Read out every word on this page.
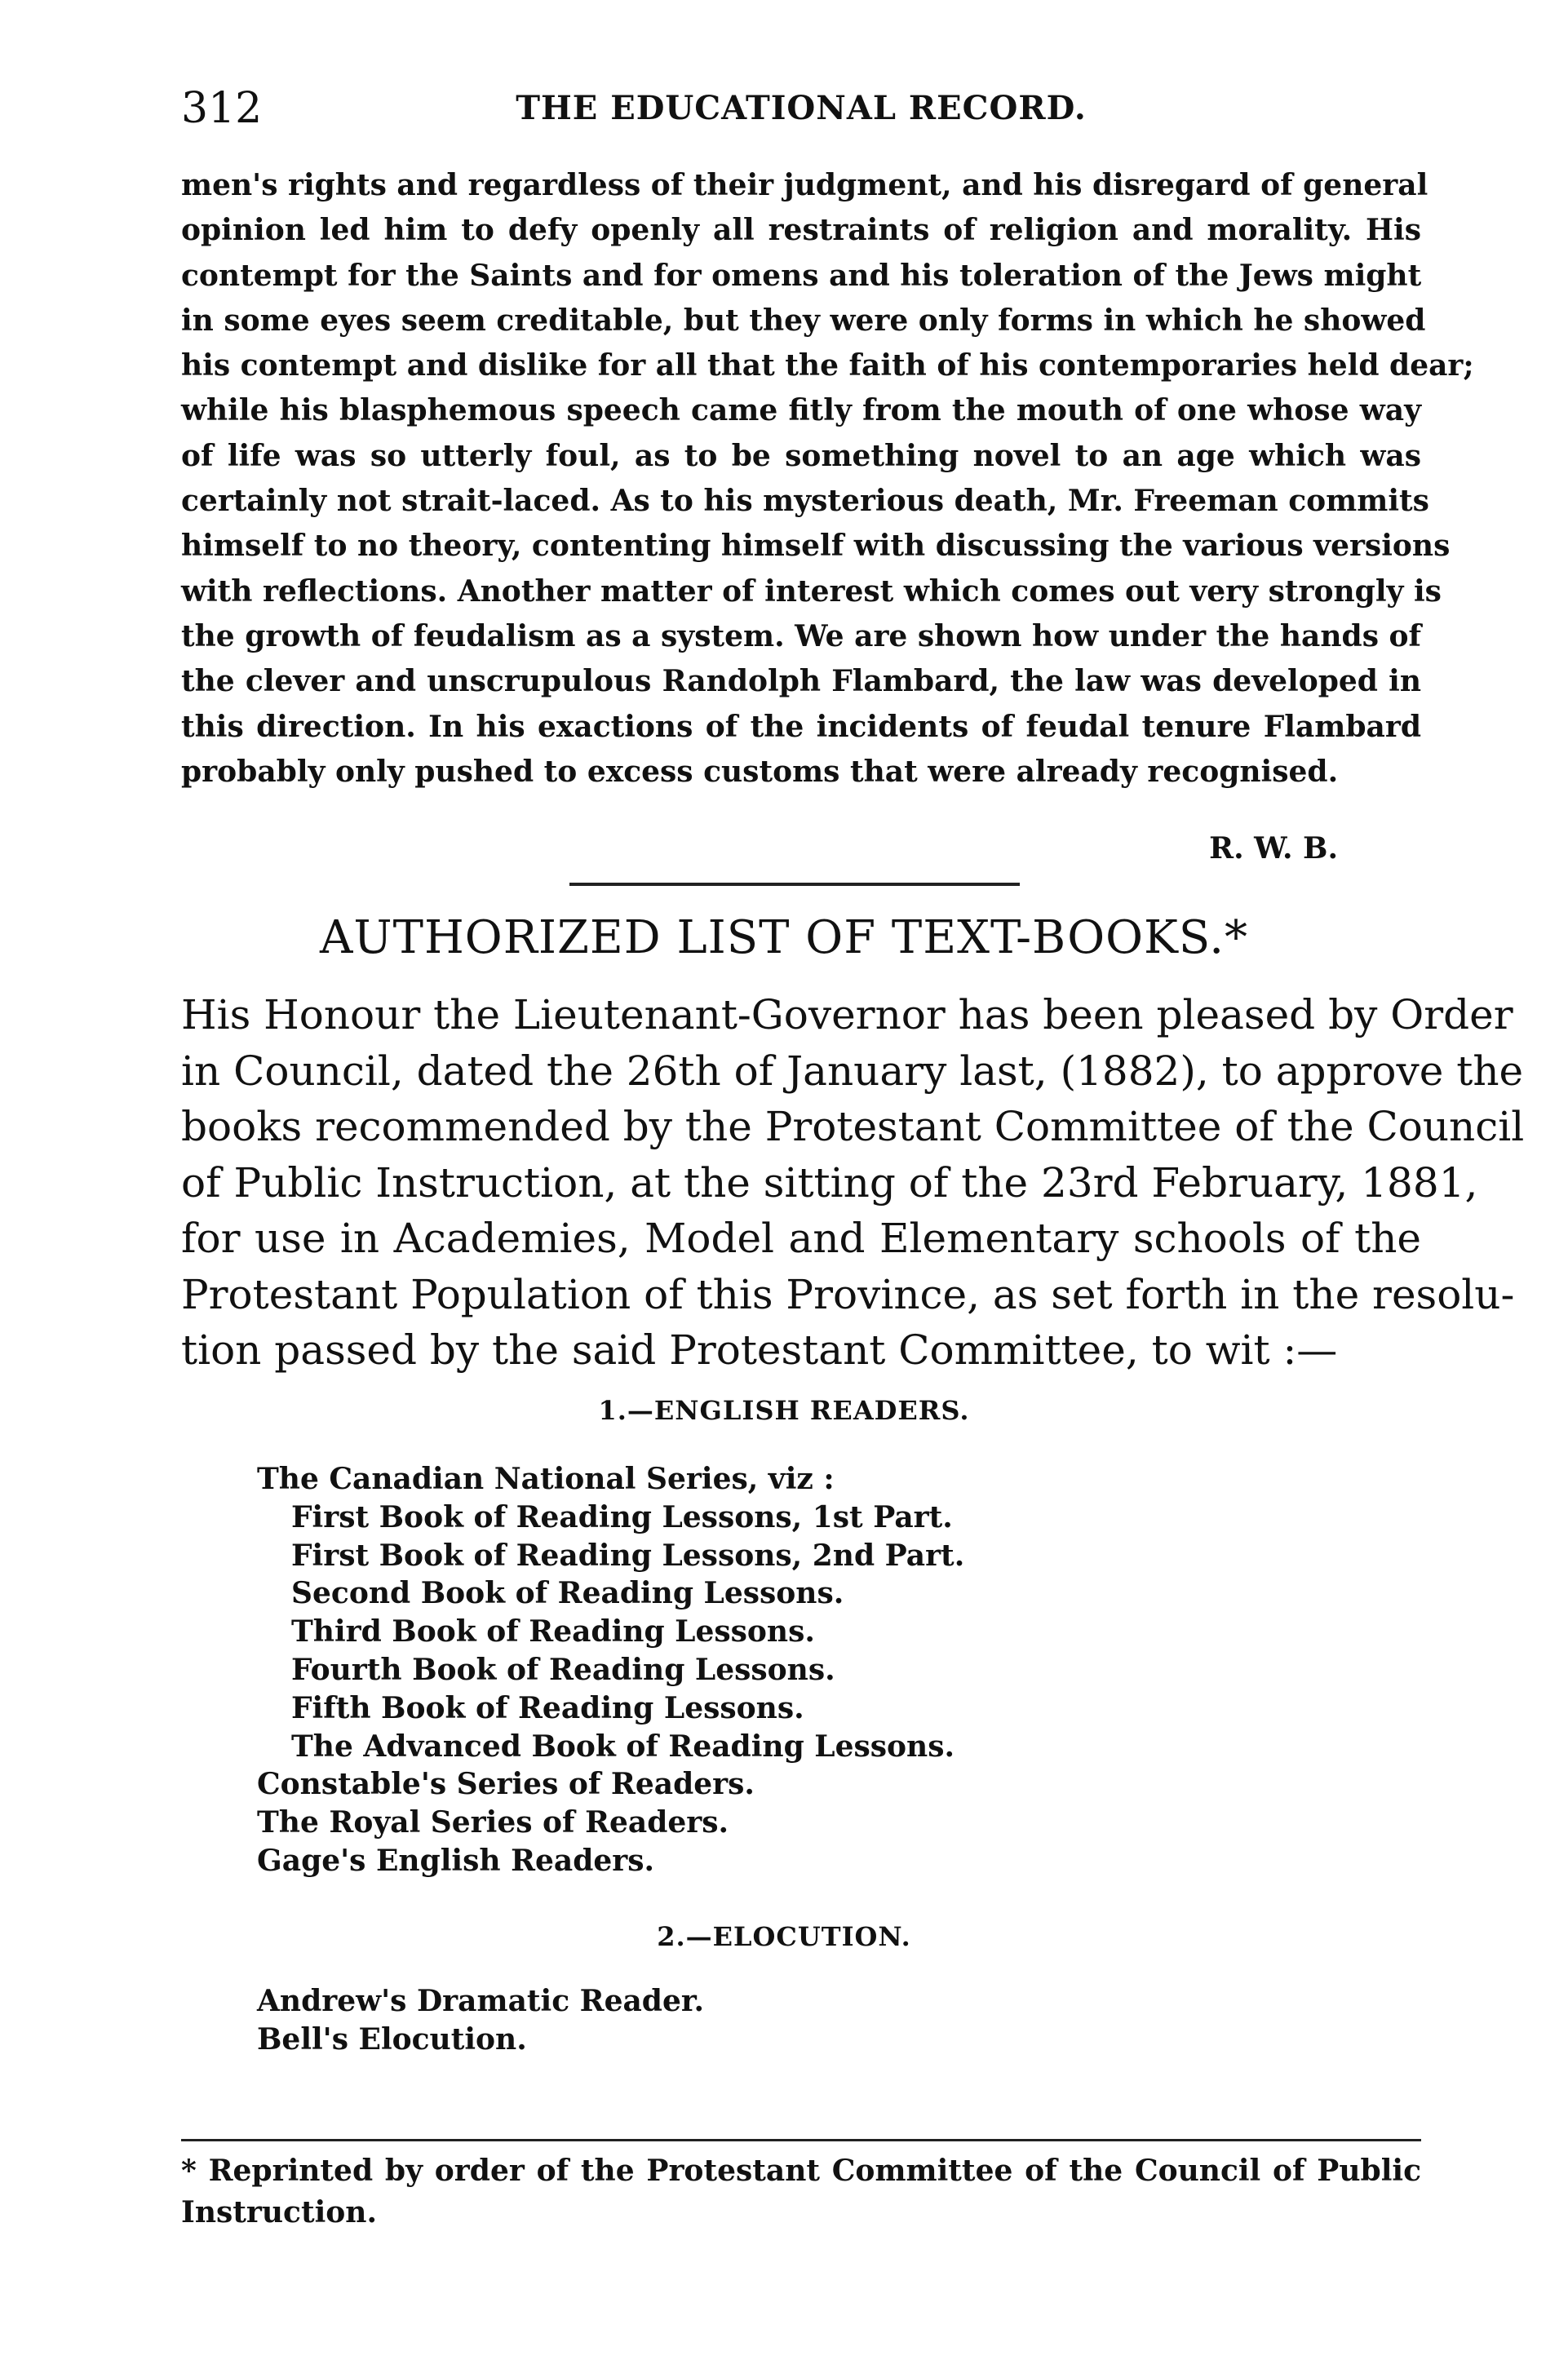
312	THE EDUCATIONAL RECORD.
men's rights and regardless of their judgment, and his disregard of general
opinion led him to defy openly all restraints of religion and morality. His
contempt for the Saints and for omens and his toleration of the Jews might
in some eyes seem creditable, but they were only forms in which he showed
his contempt and dislike for all that the faith of his contemporaries held dear;
while his blasphemous speech came fitly from the mouth of one whose way
of life was so utterly foul, as to be something novel to an age which was
certainly not strait-laced. As to his mysterious death, Mr. Freeman commits
himself to no theory, contenting himself with discussing the various versions
with reflections. Another matter of interest which comes out very strongly is
the growth of feudalism as a system. We are shown how under the hands of
the clever and unscrupulous Randolph Flambard, the law was developed in
this direction. In his exactions of the incidents of feudal tenure Flambard
probably only pushed to excess customs that were already recognised.
R. W. B.
AUTHORIZED LIST OF TEXT-BOOKS.*
His Honour the Lieutenant-Governor has been pleased by Order
in Council, dated the 26th of January last, (1882), to approve the
books recommended by the Protestant Committee of the Council
of Public Instruction, at the sitting of the 23rd February, 1881,
for use in Academies, Model and Elementary schools of the
Protestant Population of this Province, as set forth in the resolu-
tion passed by the said Protestant Committee, to wit :—
1.—ENGLISH READERS.
The Canadian National Series, viz :
First Book of Reading Lessons, 1st Part.
First Book of Reading Lessons, 2nd Part.
Second Book of Reading Lessons.
Third Book of Reading Lessons.
Fourth Book of Reading Lessons.
Fifth Book of Reading Lessons.
The Advanced Book of Reading Lessons.
Constable's Series of Readers.
The Royal Series of Readers.
Gage's English Readers.
2.—ELOCUTION.
Andrew's Dramatic Reader.
Bell's Elocution.
* Reprinted by order of the Protestant Committee of the Council of Public
Instruction.
